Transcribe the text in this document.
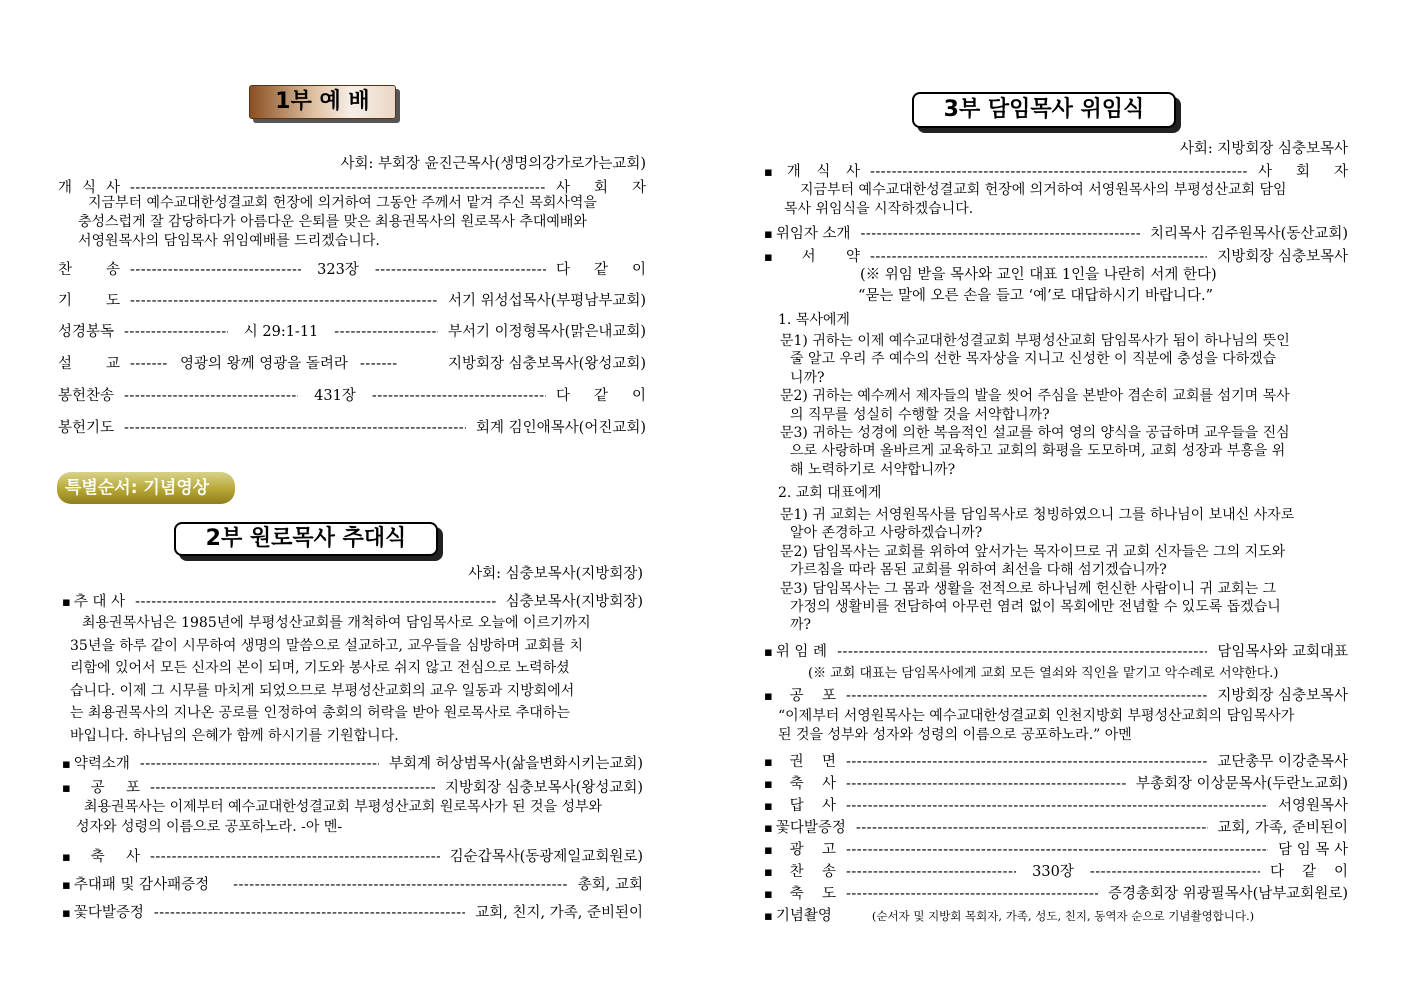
1부 예 배
사회: 부회장 윤진근목사(생명의강가로가는교회)
개 식 사 -----	사 회 자
지금부터 예수교대한성결교회 헌장에 의거하여 그동안 주께서 맡겨 주신 목회사역을
충성스럽게 잘 감당하다가 아름다운 은퇴를 맞은 최용권목사의 원로목사 추대예배와
서영원목사의 담임목사 위임예배를 드리겠습니다.
찬 송 -----	323장 -----	다 같 이
기 도 -----	서기 위성섭목사(부평남부교회)
성경봉독 -----	시 29:1-11 -----	부서기 이정형목사(맑은내교회)
설 교 -----	영광의 왕께 영광을 돌려라 -----	지방회장 심충보목사(왕성교회)
봉헌찬송 -----	431장 -----	다 같 이
봉헌기도 -----	회계 김인애목사(어진교회)
특별순서: 기념영상
2부 원로목사 추대식
사회: 심충보목사(지방회장)
▪ 추 대 사 -----	심충보목사(지방회장)
최용권목사님은 1985년에 부평성산교회를 개척하여 담임목사로 오늘에 이르기까지
35년을 하루 같이 시무하여 생명의 말씀으로 설교하고, 교우들을 심방하며 교회를 치
리함에 있어서 모든 신자의 본이 되며, 기도와 봉사로 쉬지 않고 전심으로 노력하셨
습니다. 이제 그 시무를 마치게 되었으므로 부평성산교회의 교우 일동과 지방회에서
는 최용권목사의 지나온 공로를 인정하여 총회의 허락을 받아 원로목사로 추대하는
바입니다. 하나님의 은혜가 함께 하시기를 기원합니다.
▪ 약력소개 -----	부회계 허상범목사(삶을변화시키는교회)
▪ 공 포 -----	지방회장 심충보목사(왕성교회)
최용권목사는 이제부터 예수교대한성결교회 부평성산교회 원로목사가 된 것을 성부와
성자와 성령의 이름으로 공포하노라. -아 멘-
▪ 축 사 -----	김순갑목사(동광제일교회원로)
▪ 추대패 및 감사패증정 -----	총회, 교회
▪ 꽃다발증정 -----	교회, 친지, 가족, 준비된이
3부 담임목사 위임식
사회: 지방회장 심충보목사
▪ 개 식 사 -----	사 회 자
지금부터 예수교대한성결교회 헌장에 의거하여 서영원목사의 부평성산교회 담임
목사 위임식을 시작하겠습니다.
▪ 위임자 소개 -----	치리목사 김주원목사(동산교회)
▪ 서 약 -----	지방회장 심충보목사
(※ 위임 받을 목사와 교인 대표 1인을 나란히 서게 한다)
“묻는 말에 오른 손을 들고 ‘예’로 대답하시기 바랍니다.”
1. 목사에게
문1) 귀하는 이제 예수교대한성결교회 부평성산교회 담임목사가 됨이 하나님의 뜻인
줄 알고 우리 주 예수의 선한 목자상을 지니고 신성한 이 직분에 충성을 다하겠습
니까?
문2) 귀하는 예수께서 제자들의 발을 씻어 주심을 본받아 겸손히 교회를 섬기며 목사
의 직무를 성실히 수행할 것을 서약합니까?
문3) 귀하는 성경에 의한 복음적인 설교를 하여 영의 양식을 공급하며 교우들을 진심
으로 사랑하며 올바르게 교육하고 교회의 화평을 도모하며, 교회 성장과 부흥을 위
해 노력하기로 서약합니까?
2. 교회 대표에게
문1) 귀 교회는 서영원목사를 담임목사로 청빙하였으니 그를 하나님이 보내신 사자로
알아 존경하고 사랑하겠습니까?
문2) 담임목사는 교회를 위하여 앞서가는 목자이므로 귀 교회 신자들은 그의 지도와
가르침을 따라 몸된 교회를 위하여 최선을 다해 섬기겠습니까?
문3) 담임목사는 그 몸과 생활을 전적으로 하나님께 헌신한 사람이니 귀 교회는 그
가정의 생활비를 전담하여 아무런 염려 없이 목회에만 전념할 수 있도록 돕겠습니
까?
▪ 위 임 례 -----	담임목사와 교회대표
(※ 교회 대표는 담임목사에게 교회 모든 열쇠와 직인을 맡기고 악수례로 서약한다.)
▪ 공 포 -----	지방회장 심충보목사
“이제부터 서영원목사는 예수교대한성결교회 인천지방회 부평성산교회의 담임목사가
된 것을 성부와 성자와 성령의 이름으로 공포하노라.” 아멘
▪ 권 면 -----	교단총무 이강춘목사
▪ 축 사 -----	부총회장 이상문목사(두란노교회)
▪ 답 사 -----	서영원목사
▪ 꽃다발증정 -----	교회, 가족, 준비된이
▪ 광 고 -----	담 임 목 사
▪ 찬 송 -----	330장 -----	다 같 이
▪ 축 도 -----	증경총회장 위광필목사(남부교회원로)
▪ 기념촬영	(순서자 및 지방회 목회자, 가족, 성도, 친지, 동역자 순으로 기념촬영합니다.)
